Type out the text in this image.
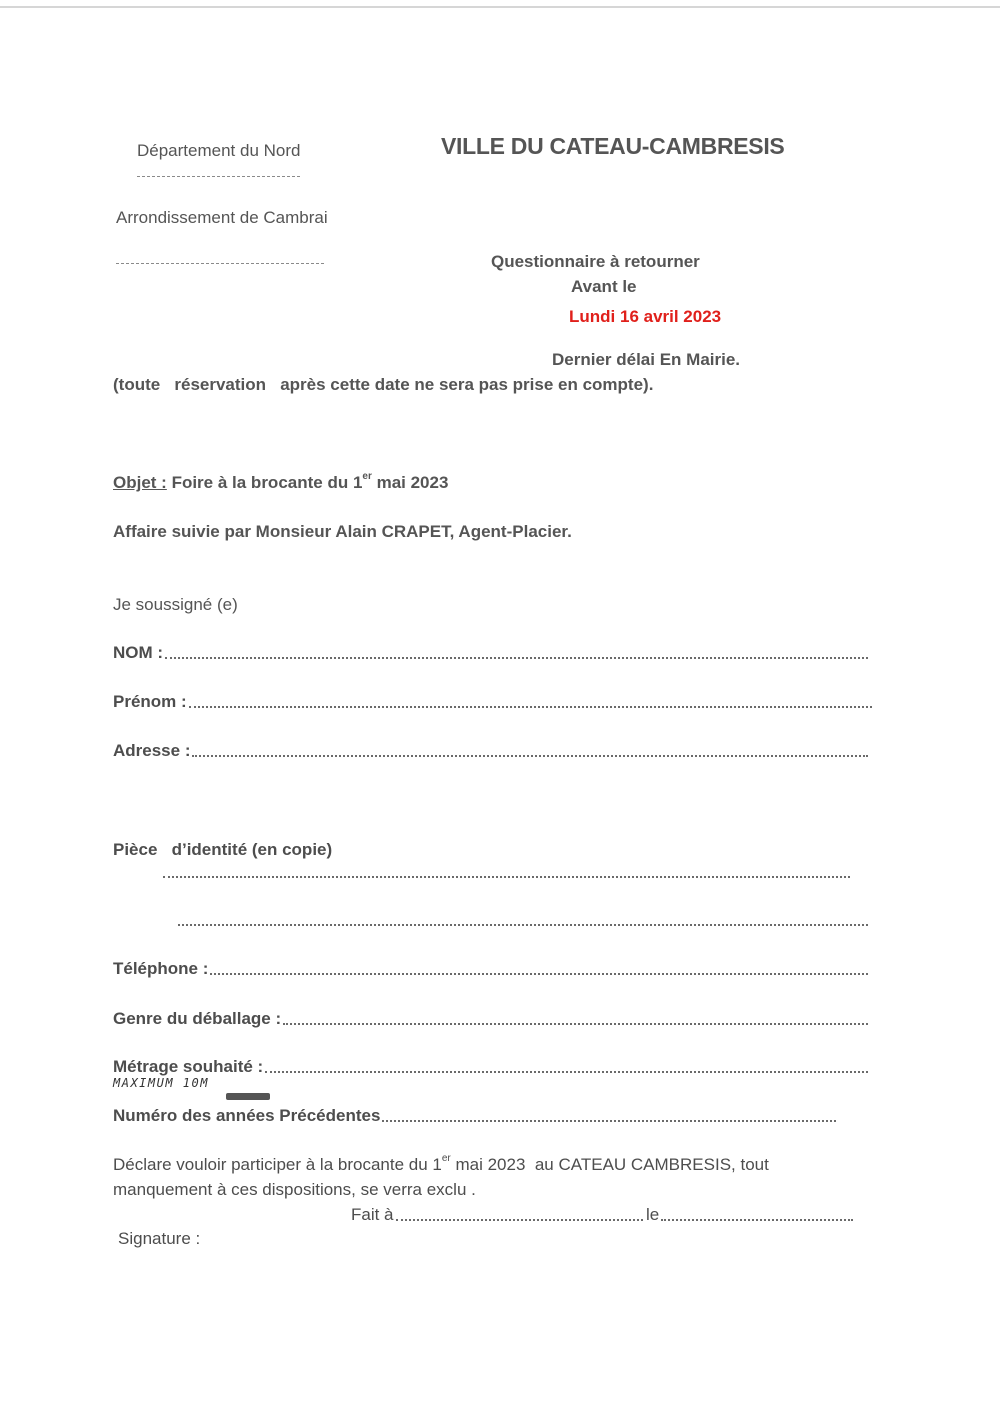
Département du Nord
Arrondissement de Cambrai
VILLE DU CATEAU-CAMBRESIS
Questionnaire à retourner
Avant le
Lundi 16 avril 2023
Dernier délai En Mairie.
(toute   réservation   après cette date ne sera pas prise en compte).
Objet : Foire à la brocante du 1er mai 2023
Affaire suivie par Monsieur Alain CRAPET, Agent-Placier.
Je soussigné (e)
NOM :
Prénom :
Adresse :
Pièce   d’identité (en copie)
Téléphone :
Genre du déballage :
Métrage souhaité :
MAXIMUM 10M
Numéro des années Précédentes
Déclare vouloir participer à la brocante du 1er mai 2023  au CATEAU CAMBRESIS, tout
manquement à ces dispositions, se verra exclu .
Fait à	le
Signature :
